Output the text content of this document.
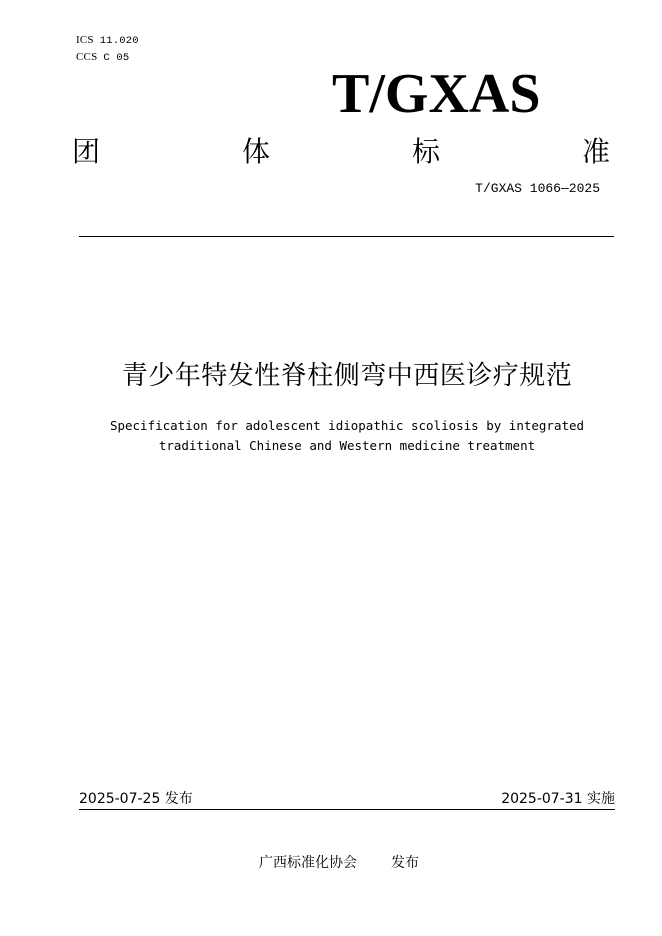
ICS 11.020
CCS C 05
T/GXAS
团	体	标	准
T/GXAS 1066—2025
青少年特发性脊柱侧弯中西医诊疗规范
Specification for adolescent idiopathic scoliosis by integrated
traditional Chinese and Western medicine treatment
2025-07-25 发布	2025-07-31 实施
广西标准化协会 发布
